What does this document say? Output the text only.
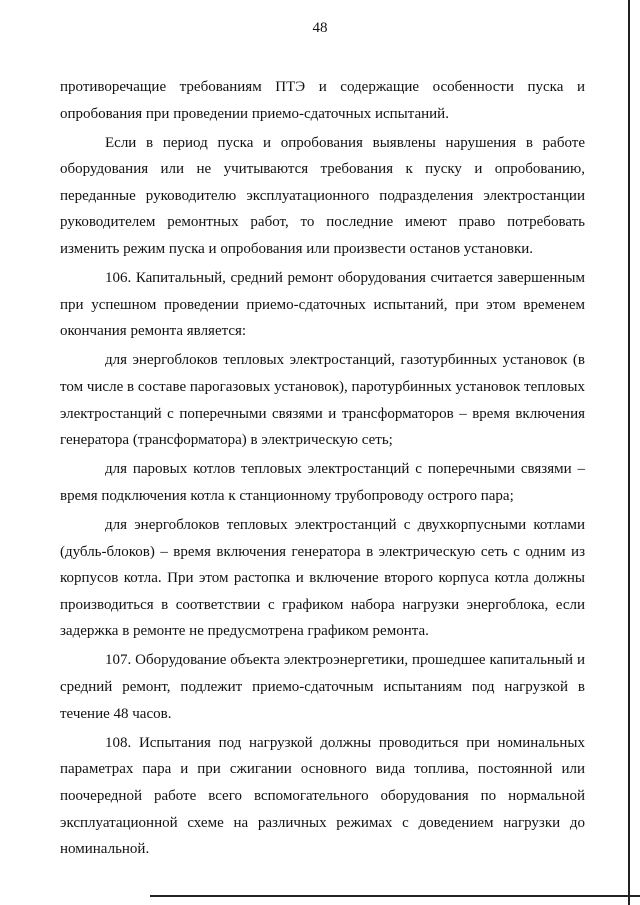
48

противоречащие требованиям ПТЭ и содержащие особенности пуска и опробования при проведении приемо-сдаточных испытаний.

Если в период пуска и опробования выявлены нарушения в работе оборудования или не учитываются требования к пуску и опробованию, переданные руководителю эксплуатационного подразделения электростанции руководителем ремонтных работ, то последние имеют право потребовать изменить режим пуска и опробования или произвести останов установки.

106. Капитальный, средний ремонт оборудования считается завершенным при успешном проведении приемо-сдаточных испытаний, при этом временем окончания ремонта является:

для энергоблоков тепловых электростанций, газотурбинных установок (в том числе в составе парогазовых установок), паротурбинных установок тепловых электростанций с поперечными связями и трансформаторов – время включения генератора (трансформатора) в электрическую сеть;

для паровых котлов тепловых электростанций с поперечными связями – время подключения котла к станционному трубопроводу острого пара;

для энергоблоков тепловых электростанций с двухкорпусными котлами (дубль-блоков) – время включения генератора в электрическую сеть с одним из корпусов котла. При этом растопка и включение второго корпуса котла должны производиться в соответствии с графиком набора нагрузки энергоблока, если задержка в ремонте не предусмотрена графиком ремонта.

107. Оборудование объекта электроэнергетики, прошедшее капитальный и средний ремонт, подлежит приемо-сдаточным испытаниям под нагрузкой в течение 48 часов.

108. Испытания под нагрузкой должны проводиться при номинальных параметрах пара и при сжигании основного вида топлива, постоянной или поочередной работе всего вспомогательного оборудования по нормальной эксплуатационной схеме на различных режимах с доведением нагрузки до номинальной.
